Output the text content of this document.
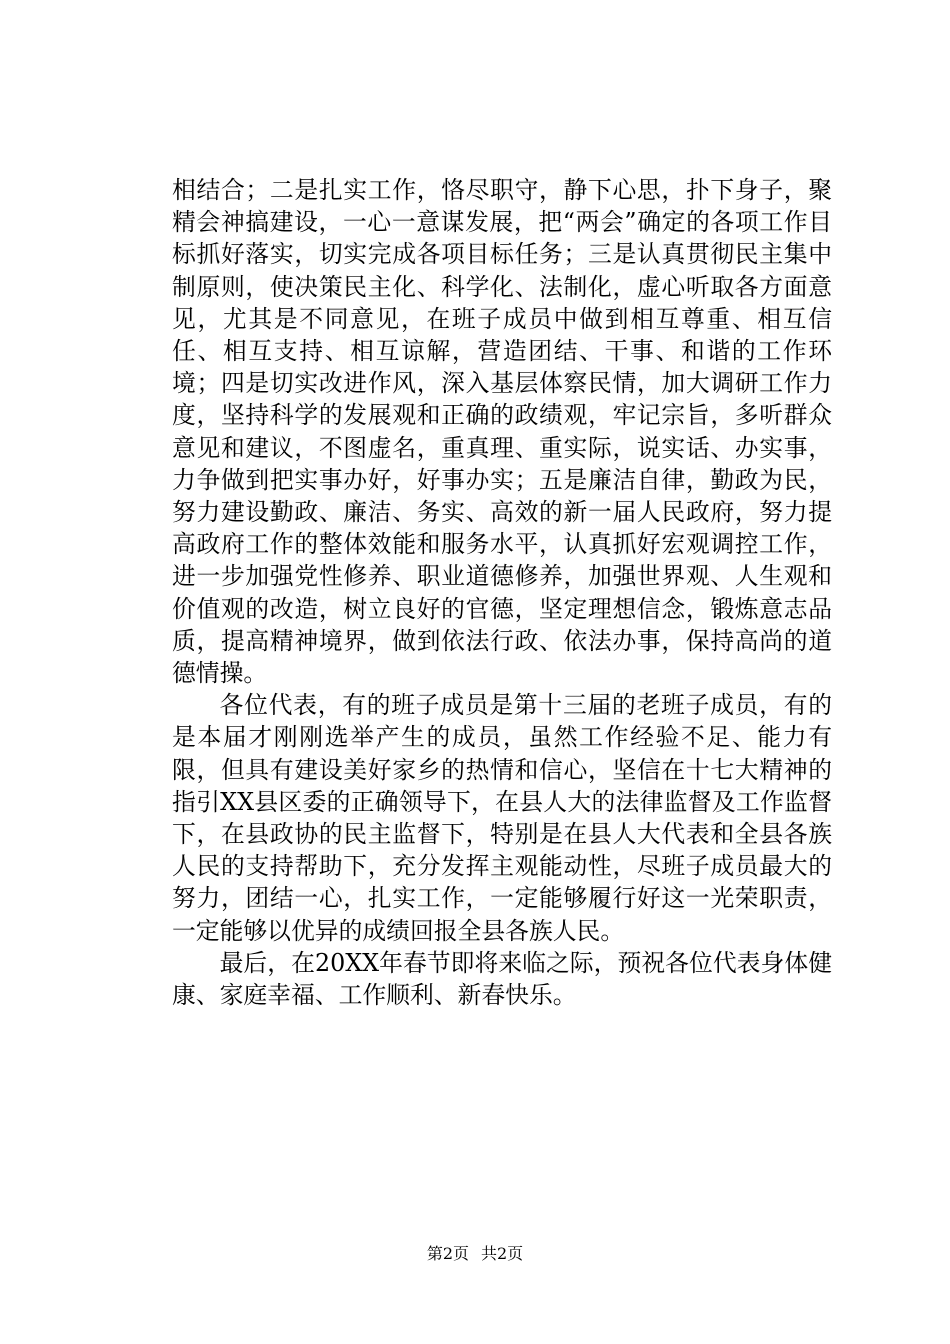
相结合；二是扎实工作，恪尽职守，静下心思，扑下身子，聚精会神搞建设，一心一意谋发展，把“两会”确定的各项工作目标抓好落实，切实完成各项目标任务；三是认真贯彻民主集中制原则，使决策民主化、科学化、法制化，虚心听取各方面意见，尤其是不同意见，在班子成员中做到相互尊重、相互信任、相互支持、相互谅解，营造团结、干事、和谐的工作环境；四是切实改进作风，深入基层体察民情，加大调研工作力度，坚持科学的发展观和正确的政绩观，牢记宗旨，多听群众意见和建议，不图虚名，重真理、重实际，说实话、办实事，力争做到把实事办好，好事办实；五是廉洁自律，勤政为民，努力建设勤政、廉洁、务实、高效的新一届人民政府，努力提高政府工作的整体效能和服务水平，认真抓好宏观调控工作，进一步加强党性修养、职业道德修养，加强世界观、人生观和价值观的改造，树立良好的官德，坚定理想信念，锻炼意志品质，提高精神境界，做到依法行政、依法办事，保持高尚的道德情操。

各位代表，有的班子成员是第十三届的老班子成员，有的是本届才刚刚选举产生的成员，虽然工作经验不足、能力有限，但具有建设美好家乡的热情和信心，坚信在十七大精神的指引XX县区委的正确领导下，在县人大的法律监督及工作监督下，在县政协的民主监督下，特别是在县人大代表和全县各族人民的支持帮助下，充分发挥主观能动性，尽班子成员最大的努力，团结一心，扎实工作，一定能够履行好这一光荣职责，一定能够以优异的成绩回报全县各族人民。

最后，在20XX年春节即将来临之际，预祝各位代表身体健康、家庭幸福、工作顺利、新春快乐。

第2页 共2页
